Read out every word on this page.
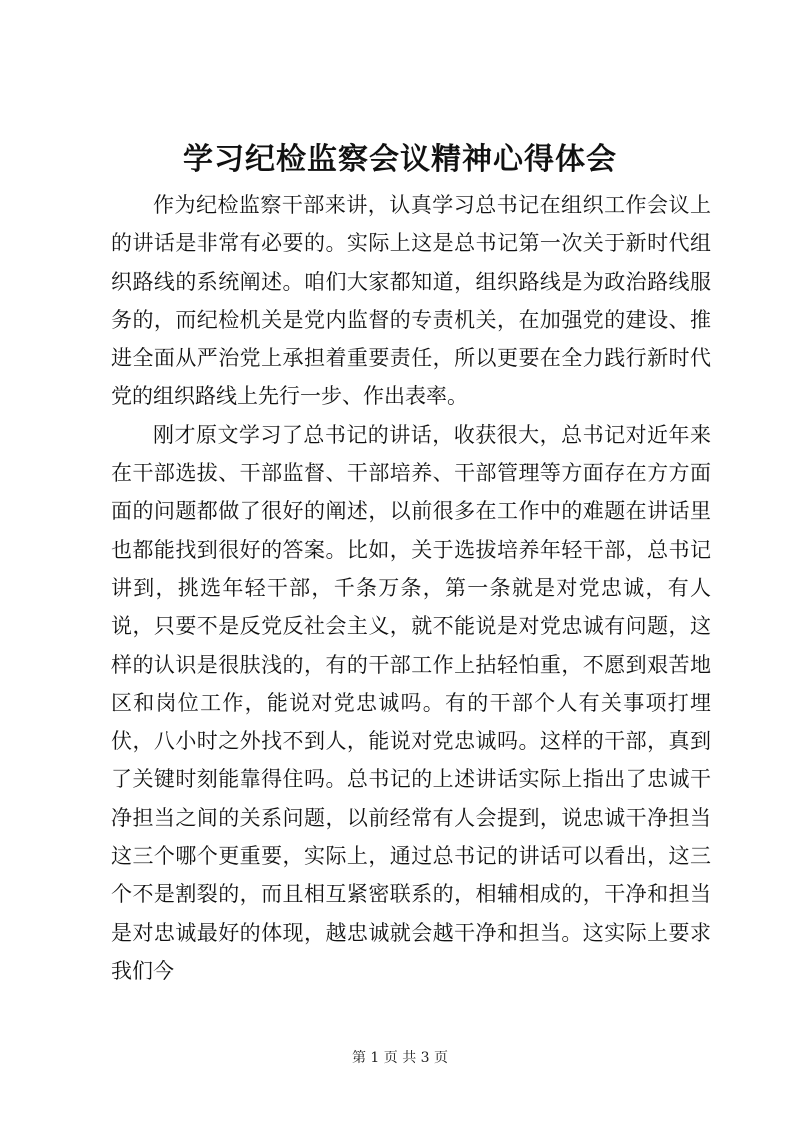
学习纪检监察会议精神心得体会

作为纪检监察干部来讲，认真学习总书记在组织工作会议上的讲话是非常有必要的。实际上这是总书记第一次关于新时代组织路线的系统阐述。咱们大家都知道，组织路线是为政治路线服务的，而纪检机关是党内监督的专责机关，在加强党的建设、推进全面从严治党上承担着重要责任，所以更要在全力践行新时代党的组织路线上先行一步、作出表率。

刚才原文学习了总书记的讲话，收获很大，总书记对近年来在干部选拔、干部监督、干部培养、干部管理等方面存在方方面面的问题都做了很好的阐述，以前很多在工作中的难题在讲话里也都能找到很好的答案。比如，关于选拔培养年轻干部，总书记讲到，挑选年轻干部，千条万条，第一条就是对党忠诚，有人说，只要不是反党反社会主义，就不能说是对党忠诚有问题，这样的认识是很肤浅的，有的干部工作上拈轻怕重，不愿到艰苦地区和岗位工作，能说对党忠诚吗。有的干部个人有关事项打埋伏，八小时之外找不到人，能说对党忠诚吗。这样的干部，真到了关键时刻能靠得住吗。总书记的上述讲话实际上指出了忠诚干净担当之间的关系问题，以前经常有人会提到，说忠诚干净担当这三个哪个更重要，实际上，通过总书记的讲话可以看出，这三个不是割裂的，而且相互紧密联系的，相辅相成的，干净和担当是对忠诚最好的体现，越忠诚就会越干净和担当。这实际上要求我们今

第 1 页 共 3 页
